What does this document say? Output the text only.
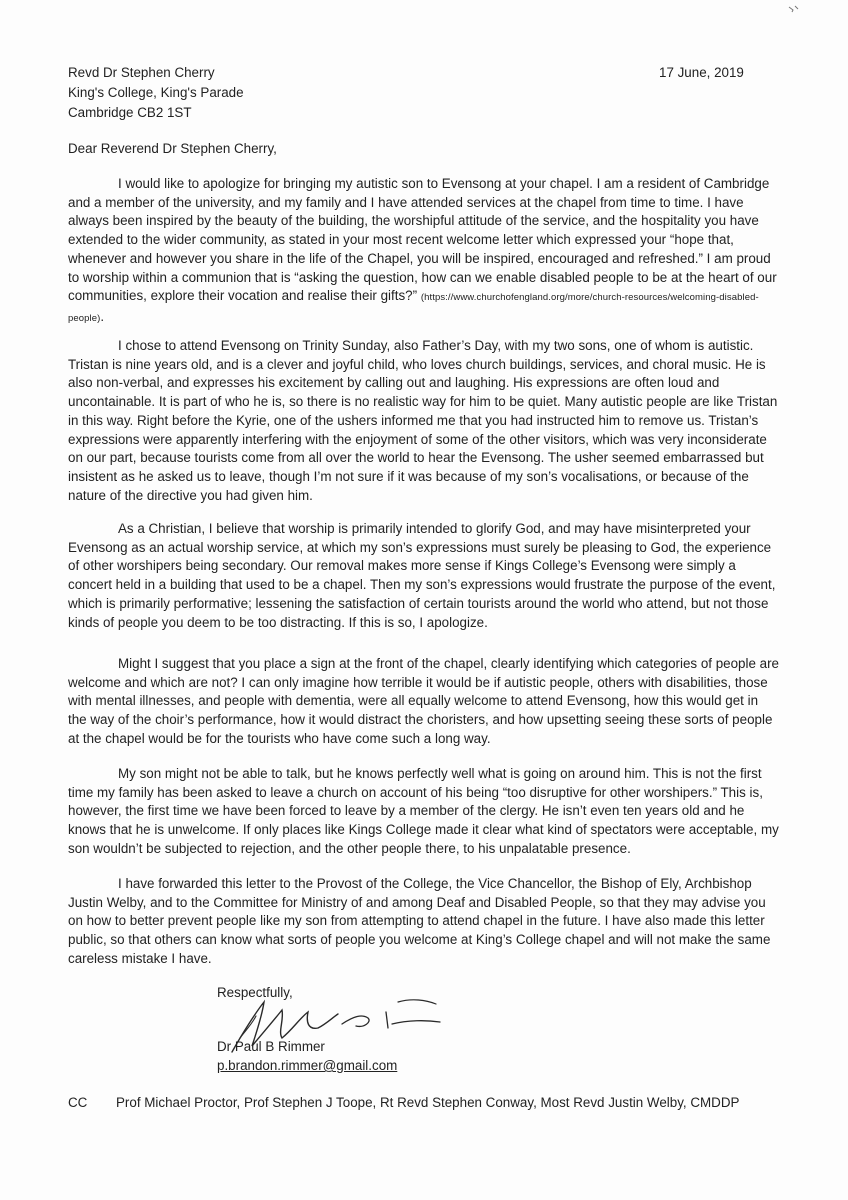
Revd Dr Stephen Cherry
King's College, King's Parade
Cambridge CB2 1ST
17 June, 2019
Dear Reverend Dr Stephen Cherry,

I would like to apologize for bringing my autistic son to Evensong at your chapel. I am a resident of Cambridge and a member of the university, and my family and I have attended services at the chapel from time to time. I have always been inspired by the beauty of the building, the worshipful attitude of the service, and the hospitality you have extended to the wider community, as stated in your most recent welcome letter which expressed your “hope that, whenever and however you share in the life of the Chapel, you will be inspired, encouraged and refreshed.” I am proud to worship within a communion that is “asking the question, how can we enable disabled people to be at the heart of our communities, explore their vocation and realise their gifts?” (https://www.churchofengland.org/more/church-resources/welcoming-disabled-people).

I chose to attend Evensong on Trinity Sunday, also Father’s Day, with my two sons, one of whom is autistic. Tristan is nine years old, and is a clever and joyful child, who loves church buildings, services, and choral music. He is also non-verbal, and expresses his excitement by calling out and laughing. His expressions are often loud and uncontainable. It is part of who he is, so there is no realistic way for him to be quiet. Many autistic people are like Tristan in this way. Right before the Kyrie, one of the ushers informed me that you had instructed him to remove us. Tristan’s expressions were apparently interfering with the enjoyment of some of the other visitors, which was very inconsiderate on our part, because tourists come from all over the world to hear the Evensong. The usher seemed embarrassed but insistent as he asked us to leave, though I’m not sure if it was because of my son’s vocalisations, or because of the nature of the directive you had given him.

As a Christian, I believe that worship is primarily intended to glorify God, and may have misinterpreted your Evensong as an actual worship service, at which my son’s expressions must surely be pleasing to God, the experience of other worshipers being secondary. Our removal makes more sense if Kings College’s Evensong were simply a concert held in a building that used to be a chapel. Then my son’s expressions would frustrate the purpose of the event, which is primarily performative; lessening the satisfaction of certain tourists around the world who attend, but not those kinds of people you deem to be too distracting. If this is so, I apologize.

Might I suggest that you place a sign at the front of the chapel, clearly identifying which categories of people are welcome and which are not? I can only imagine how terrible it would be if autistic people, others with disabilities, those with mental illnesses, and people with dementia, were all equally welcome to attend Evensong, how this would get in the way of the choir’s performance, how it would distract the choristers, and how upsetting seeing these sorts of people at the chapel would be for the tourists who have come such a long way.

My son might not be able to talk, but he knows perfectly well what is going on around him. This is not the first time my family has been asked to leave a church on account of his being “too disruptive for other worshipers.” This is, however, the first time we have been forced to leave by a member of the clergy. He isn’t even ten years old and he knows that he is unwelcome. If only places like Kings College made it clear what kind of spectators were acceptable, my son wouldn’t be subjected to rejection, and the other people there, to his unpalatable presence.

I have forwarded this letter to the Provost of the College, the Vice Chancellor, the Bishop of Ely, Archbishop Justin Welby, and to the Committee for Ministry of and among Deaf and Disabled People, so that they may advise you on how to better prevent people like my son from attempting to attend chapel in the future. I have also made this letter public, so that others can know what sorts of people you welcome at King’s College chapel and will not make the same careless mistake I have.

Respectfully,
Dr Paul B Rimmer
p.brandon.rimmer@gmail.com
CC Prof Michael Proctor, Prof Stephen J Toope, Rt Revd Stephen Conway, Most Revd Justin Welby, CMDDP
